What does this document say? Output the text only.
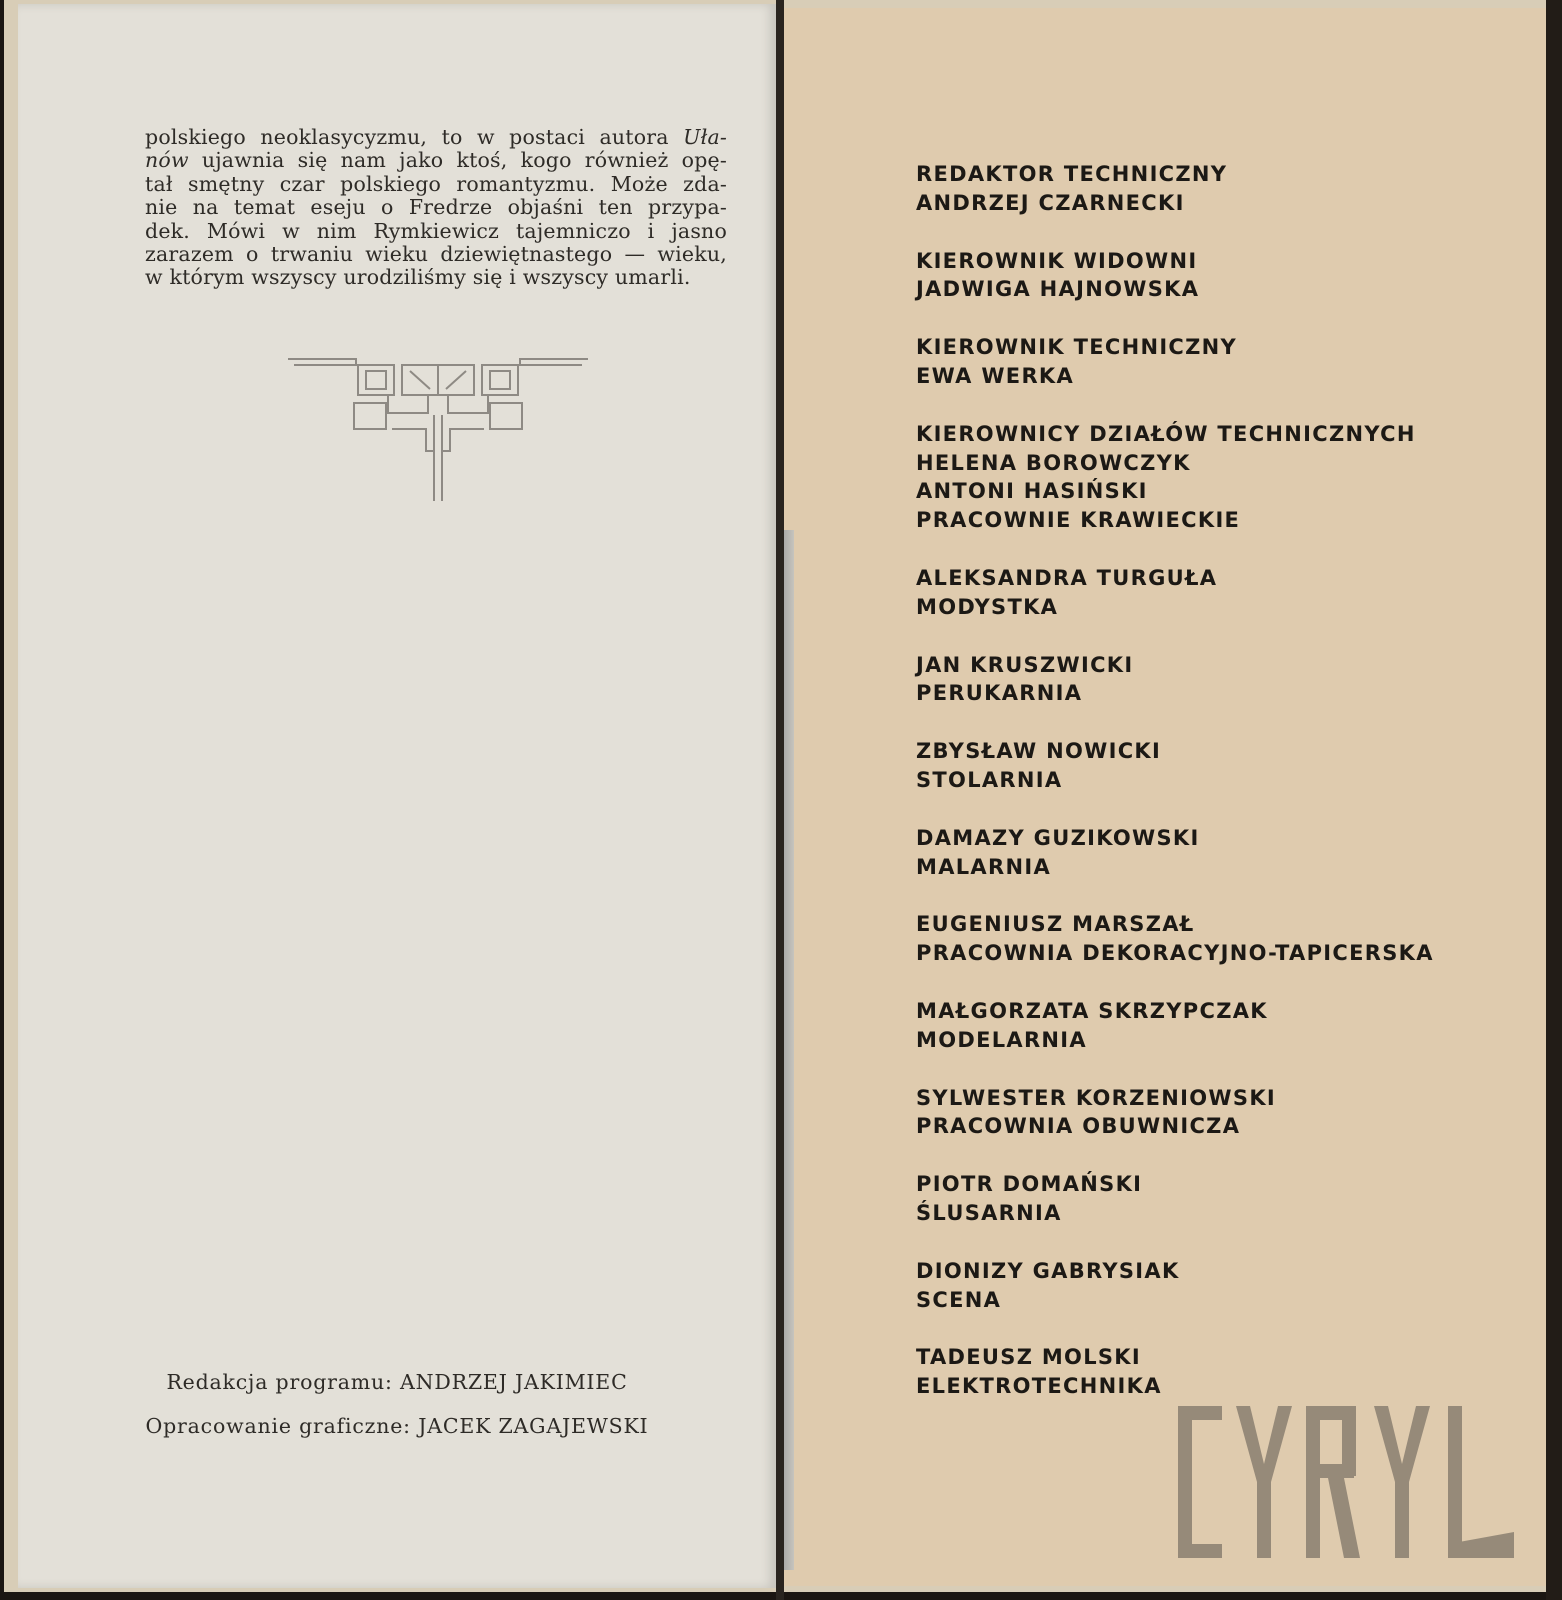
polskiego neoklasycyzmu, to w postaci autora Uła-
nów ujawnia się nam jako ktoś, kogo również opę-
tał smętny czar polskiego romantyzmu. Może zda-
nie na temat eseju o Fredrze objaśni ten przypa-
dek. Mówi w nim Rymkiewicz tajemniczo i jasno
zarazem o trwaniu wieku dziewiętnastego — wieku,
w którym wszyscy urodziliśmy się i wszyscy umarli.
Redakcja programu: ANDRZEJ JAKIMIEC
Opracowanie graficzne: JACEK ZAGAJEWSKI
REDAKTOR TECHNICZNY
ANDRZEJ CZARNECKI
KIEROWNIK WIDOWNI
JADWIGA HAJNOWSKA
KIEROWNIK TECHNICZNY
EWA WERKA
KIEROWNICY DZIAŁÓW TECHNICZNYCH
HELENA BOROWCZYK
ANTONI HASIŃSKI
PRACOWNIE KRAWIECKIE
ALEKSANDRA TURGUŁA
MODYSTKA
JAN KRUSZWICKI
PERUKARNIA
ZBYSŁAW NOWICKI
STOLARNIA
DAMAZY GUZIKOWSKI
MALARNIA
EUGENIUSZ MARSZAŁ
PRACOWNIA DEKORACYJNO-TAPICERSKA
MAŁGORZATA SKRZYPCZAK
MODELARNIA
SYLWESTER KORZENIOWSKI
PRACOWNIA OBUWNICZA
PIOTR DOMAŃSKI
ŚLUSARNIA
DIONIZY GABRYSIAK
SCENA
TADEUSZ MOLSKI
ELEKTROTECHNIKA
